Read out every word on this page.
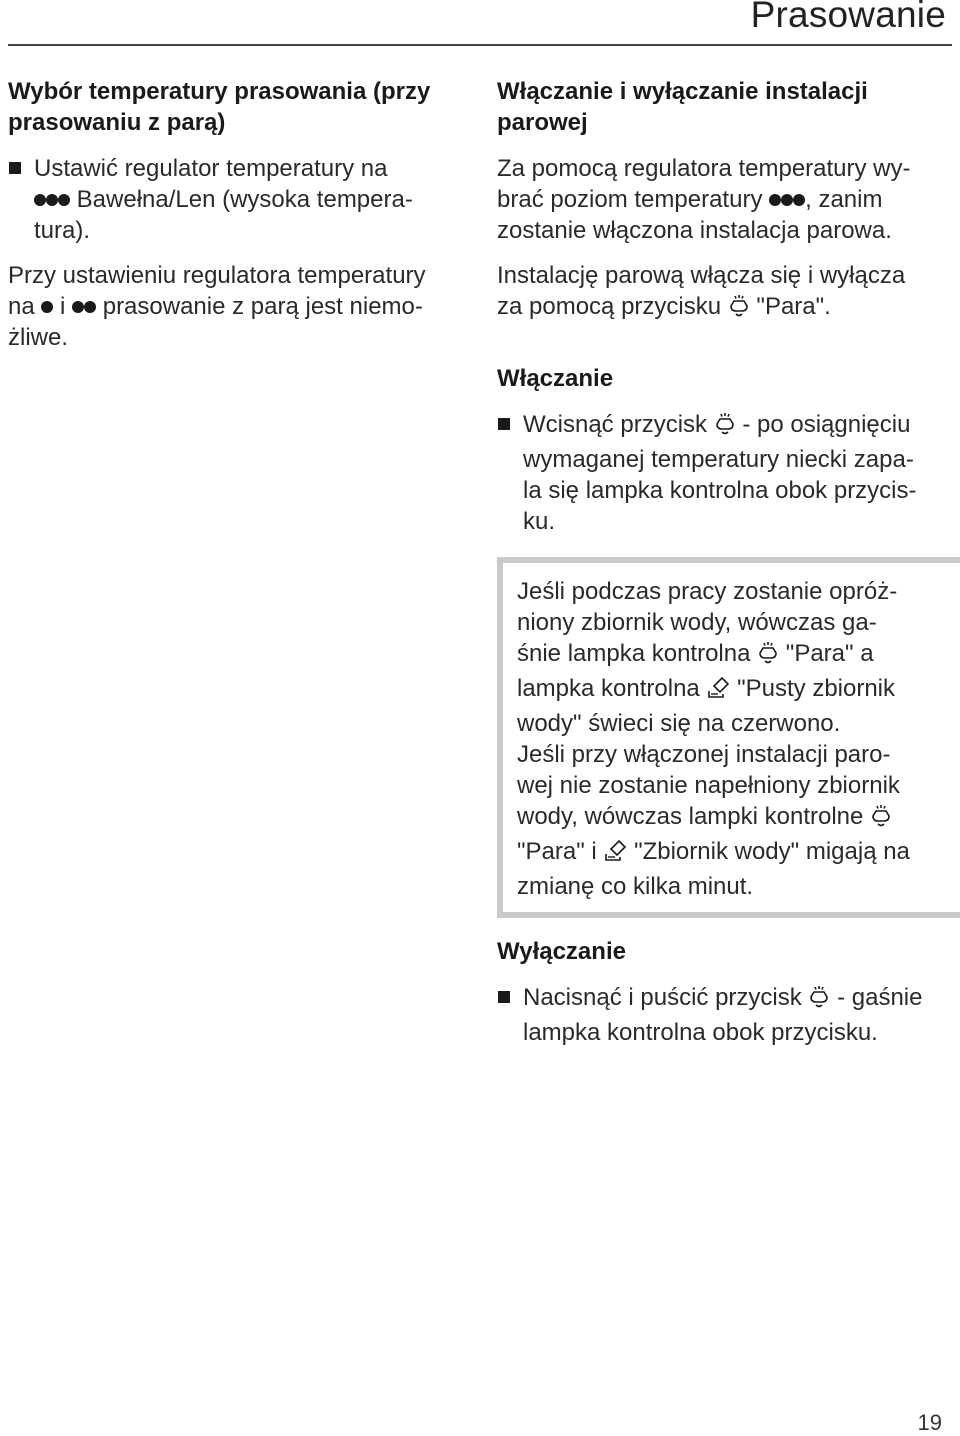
Prasowanie
Wybór temperatury prasowania (przy prasowaniu z parą)

Ustawić regulator temperatury na

Bawełna/Len (wysoka tempera-

tura).

Przy ustawieniu regulatora temperatury

na  i  prasowanie z parą jest niemo-

żliwe.

Włączanie i wyłączanie instalacji parowej

Za pomocą regulatora temperatury wy-

brać poziom temperatury , zanim

zostanie włączona instalacja parowa.

Instalację parową włącza się i wyłącza

za pomocą przycisku  "Para".

Włączanie

Wcisnąć przycisk  - po osiągnięciu

wymaganej temperatury niecki zapa-

la się lampka kontrolna obok przycis-

ku.

Jeśli podczas pracy zostanie opróż-

niony zbiornik wody, wówczas ga-

śnie lampka kontrolna  "Para" a

lampka kontrolna  "Pusty zbiornik

wody" świeci się na czerwono.

Jeśli przy włączonej instalacji paro-

wej nie zostanie napełniony zbiornik

wody, wówczas lampki kontrolne

"Para" i  "Zbiornik wody" migają na

zmianę co kilka minut.

Wyłączanie

Nacisnąć i puścić przycisk  - gaśnie

lampka kontrolna obok przycisku.

19
